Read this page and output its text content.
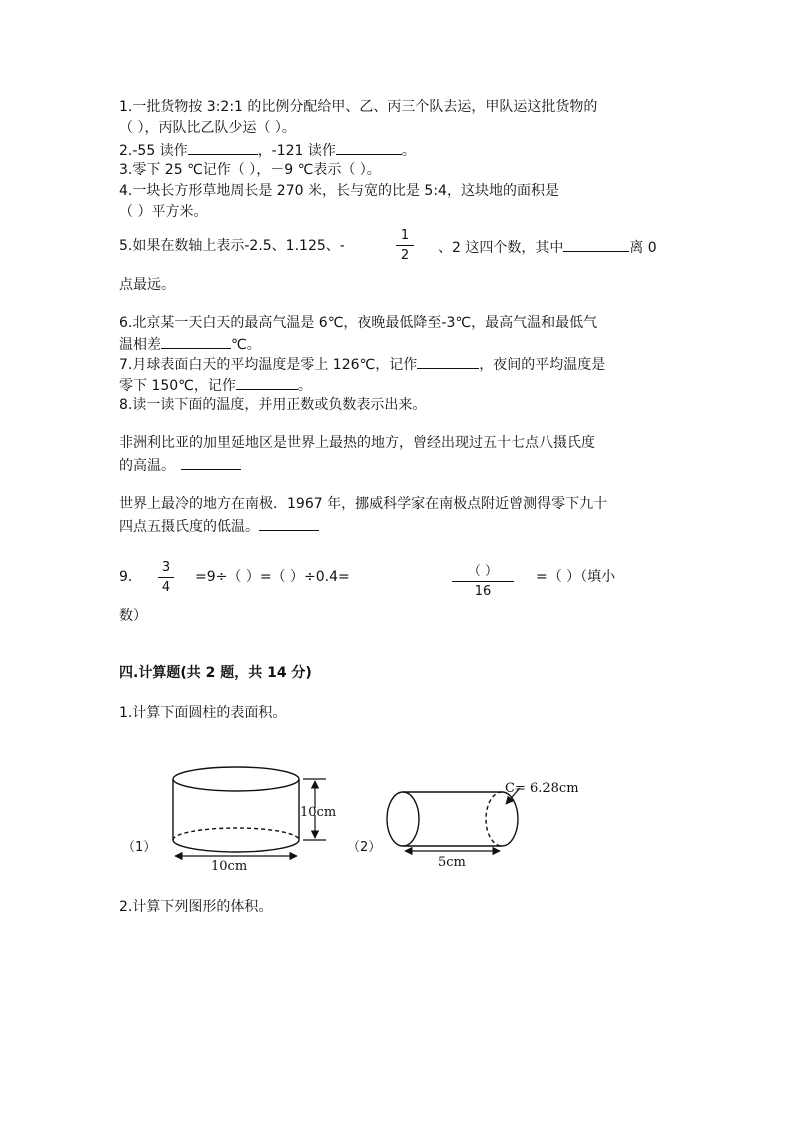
1.一批货物按 3:2:1 的比例分配给甲、乙、丙三个队去运，甲队运这批货物的
（ ），丙队比乙队少运（ ）。
2.-55 读作	，-121 读作	。
3.零下 25 ℃记作（ ），－9 ℃表示（ ）。
4.一块长方形草地周长是 270 米，长与宽的比是 5:4，这块地的面积是
（ ）平方米。
5.如果在数轴上表示-2.5、1.125、-
1
2	、2 这四个数，其中	离 0
点最远。
6.北京某一天白天的最高气温是 6℃，夜晚最低降至-3℃，最高气温和最低气
温相差	℃。
7.月球表面白天的平均温度是零上 126℃，记作	，夜间的平均温度是
零下 150℃，记作	。
8.读一读下面的温度，并用正数或负数表示出来。
非洲利比亚的加里延地区是世界上最热的地方，曾经出现过五十七点八摄氏度
的高温。
世界上最冷的地方在南极．1967 年，挪威科学家在南极点附近曾测得零下九十
四点五摄氏度的低温。
9.
3
4
=9÷（ ）=（ ）÷0.4=	（ ）
16
=（ ）（填小
数）
四.计算题(共 2 题，共 14 分)
1.计算下面圆柱的表面积。
（1）	（2）
10cm
10cm
C= 6.28cm
5cm
2.计算下列图形的体积。
